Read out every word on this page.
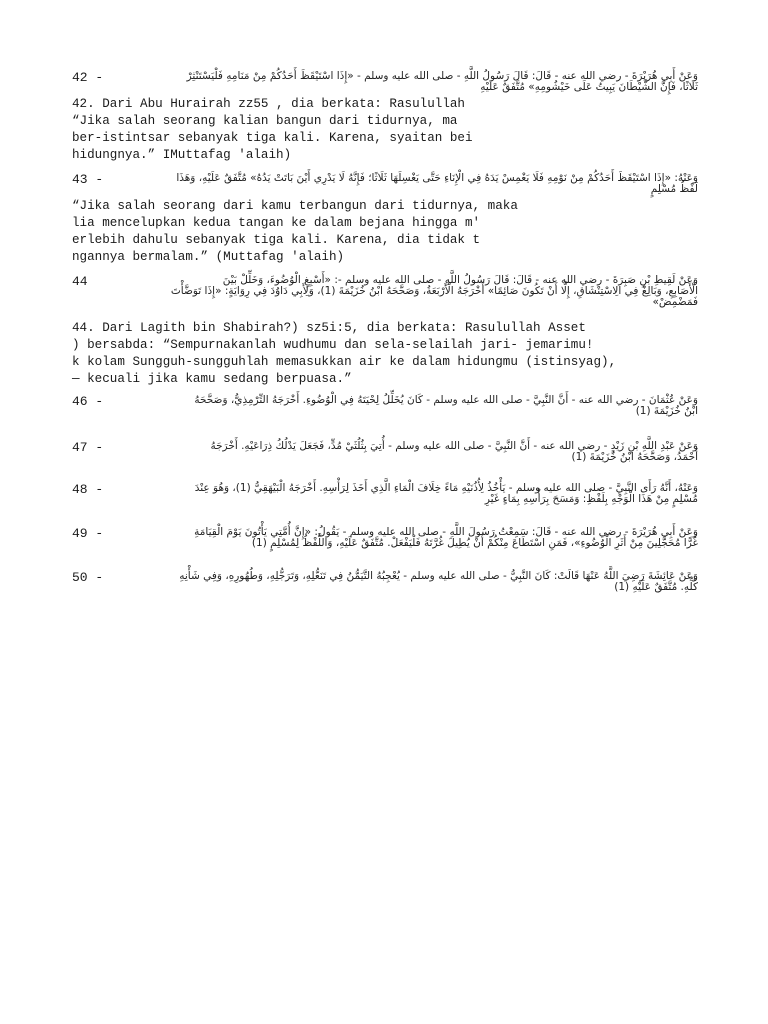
42 -	وَعَنْ أَبِي هُرَيْرَةَ - رضي الله عنه - قَالَ: قَالَ رَسُولُ اللَّهِ - صلى الله عليه وسلم - «إِذَا اسْتَيْقَظَ أَحَدُكُمْ مِنْ مَنَامِهِ فَلْيَسْتَنْثِرْ
ثَلَاثًا، فَإِنَّ الشَّيْطَانَ يَبِيتُ عَلَى خَيْشُومِهِ» مُتَّفَقٌ عَلَيْهِ

42. Dari Abu Hurairah zz55 , dia berkata: Rasulullah

“Jika salah seorang kalian bangun dari tidurnya, ma

ber-istintsar sebanyak tiga kali. Karena, syaitan bei

hidungnya.” IMuttafag 'alaih)

43 -	وَعَنْهُ: «إِذَا اسْتَيْقَظَ أَحَدُكُمْ مِنْ نَوْمِهِ فَلَا يَغْمِسْ يَدَهُ فِي الْإِنَاءِ حَتَّى يَغْسِلَهَا ثَلَاثًا؛ فَإِنَّهُ لَا يَدْرِي أَيْنَ بَاتَتْ يَدُهُ» مُتَّفَقٌ عَلَيْهِ، وَهَذَا
لَفْظُ مُسْلِمٍ

“Jika salah seorang dari kamu terbangun dari tidurnya, maka

lia mencelupkan kedua tangan ke dalam bejana hingga m'

erlebih dahulu sebanyak tiga kali. Karena, dia tidak t

ngannya bermalam.” (Muttafag 'alaih)

44	وَعَنْ لَقِيطِ بْنِ صَبِرَةَ - رضي الله عنه - قَالَ: قَالَ رَسُولُ اللَّهِ - صلى الله عليه وسلم -: «أَسْبِغِ الْوُضُوءَ، وَخَلِّلْ بَيْنَ
الْأَصَابِعِ، وَبَالِغْ فِي الِاسْتِنْشَاقِ، إِلَّا أَنْ تَكُونَ صَائِمًا» أَخْرَجَهُ الْأَرْبَعَةُ، وَصَحَّحَهُ ابْنُ خُزَيْمَةَ (1)، وَلِأَبِي دَاوُدَ فِي رِوَايَةٍ: «إِذَا تَوَضَّأْتَ
فَمَضْمِضْ»

44. Dari Lagith bin Shabirah?) sz5i:5, dia berkata: Rasulullah Asset

) bersabda: “Sempurnakanlah wudhumu dan sela-selailah jari- jemarimu!

k kolam Sungguh-sungguhlah memasukkan air ke dalam hidungmu (istinsyag),

— kecuali jika kamu sedang berpuasa.”

46 -	وَعَنْ عُثْمَانَ - رضي الله عنه - أَنَّ النَّبِيَّ - صلى الله عليه وسلم - كَانَ يُخَلِّلُ لِحْيَتَهُ فِي الْوُضُوءِ. أَخْرَجَهُ التِّرْمِذِيُّ، وَصَحَّحَهُ
ابْنُ خُزَيْمَةَ (1)
47 -	وَعَنْ عَبْدِ اللَّهِ بْنِ زَيْدٍ - رضي الله عنه - أَنَّ النَّبِيَّ - صلى الله عليه وسلم - أُتِيَ بِثُلُثَيْ مُدٍّ، فَجَعَلَ يَدْلُكُ ذِرَاعَيْهِ. أَخْرَجَهُ
أَحْمَدُ، وَصَحَّحَهُ ابْنُ خُزَيْمَةَ (1)
48 -	وَعَنْهُ، أَنَّهُ رَأَى النَّبِيَّ - صلى الله عليه وسلم - يَأْخُذُ لِأُذُنَيْهِ مَاءً خِلَافَ الْمَاءِ الَّذِي أَخَذَ لِرَأْسِهِ. أَخْرَجَهُ الْبَيْهَقِيُّ (1)، وَهُوَ عِنْدَ
مُسْلِمٍ مِنْ هَذَا الْوَجْهِ بِلَفْظِ: وَمَسَحَ بِرَأْسِهِ بِمَاءٍ غَيْرِ
49 -	وَعَنْ أَبِي هُرَيْرَةَ - رضي الله عنه - قَالَ: سَمِعْتُ رَسُولَ اللَّهِ - صلى الله عليه وسلم - يَقُولُ: «إِنَّ أُمَّتِي يَأْتُونَ يَوْمَ الْقِيَامَةِ
غُرًّا مُحَجَّلِينَ مِنْ أَثَرِ الْوُضُوءِ»، فَمَنِ اسْتَطَاعَ مِنْكُمْ أَنْ يُطِيلَ غُرَّتَهُ فَلْيَفْعَلْ. مُتَّفَقٌ عَلَيْهِ، وَاللَّفْظُ لِمُسْلِمٍ (1)
50 -	وَعَنْ عَائِشَةَ رَضِيَ اللَّهُ عَنْهَا قَالَتْ: كَانَ النَّبِيُّ - صلى الله عليه وسلم - يُعْجِبُهُ التَّيَمُّنُ فِي تَنَعُّلِهِ، وَتَرَجُّلِهِ، وَطُهُورِهِ، وَفِي شَأْنِهِ
كُلِّهِ. مُتَّفَقٌ عَلَيْهِ (1)
